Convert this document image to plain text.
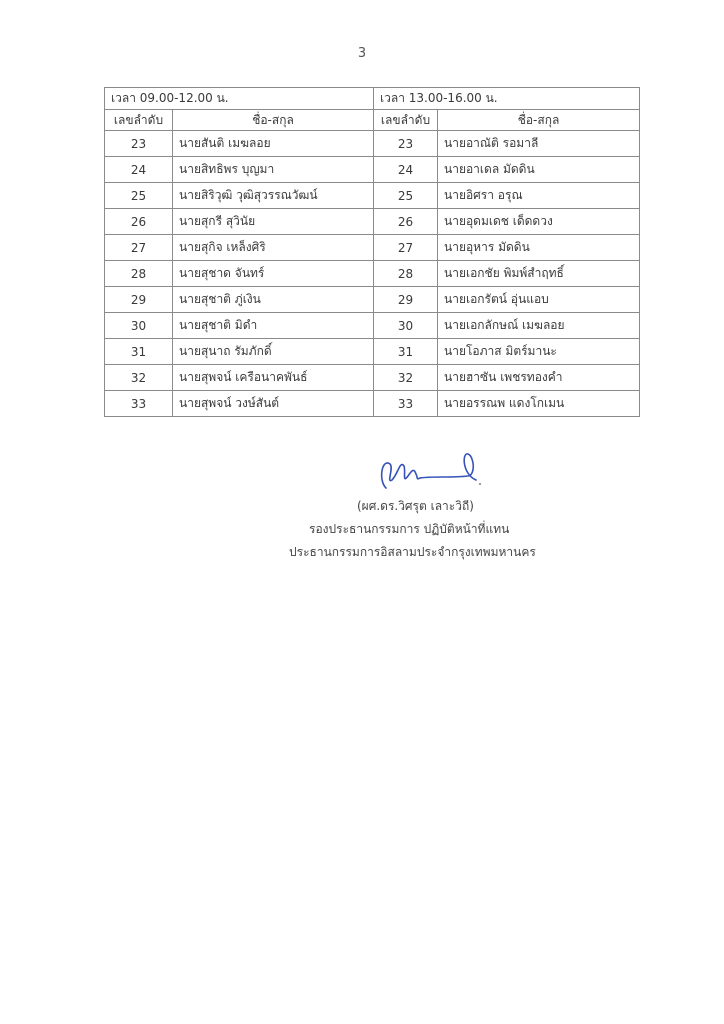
3
เวลา 09.00-12.00 น.		เวลา 13.00-16.00 น.	
เลขลำดับ	ชื่อ-สกุล	เลขลำดับ	ชื่อ-สกุล
23	นายสันติ เมฆลอย	23	นายอาณัติ รอมาลี
24	นายสิทธิพร บุญมา	24	นายอาเดล มัดดิน
25	นายสิริวุฒิ วุฒิสุวรรณวัฒน์	25	นายอิศรา อรุณ
26	นายสุกรี สุวินัย	26	นายอุดมเดช เด็ดดวง
27	นายสุกิจ เหล็งศิริ	27	นายอุหาร มัดดิน
28	นายสุชาด จันทร์	28	นายเอกชัย พิมพ์สำฤทธิ์
29	นายสุชาติ ภู่เงิน	29	นายเอกรัตน์ อุ่นแอบ
30	นายสุชาติ มิดำ	30	นายเอกลักษณ์ เมฆลอย
31	นายสุนาถ รัมภักดิ์	31	นายโอภาส มิตร์มานะ
32	นายสุพจน์ เครือนาคพันธ์	32	นายฮาซัน เพชรทองคำ
33	นายสุพจน์ วงษ์สันต์	33	นายอรรณพ แดงโกเมน
(ผศ.ดร.วิศรุต เลาะวิถี)
รองประธานกรรมการ ปฏิบัติหน้าที่แทน
ประธานกรรมการอิสลามประจำกรุงเทพมหานคร
